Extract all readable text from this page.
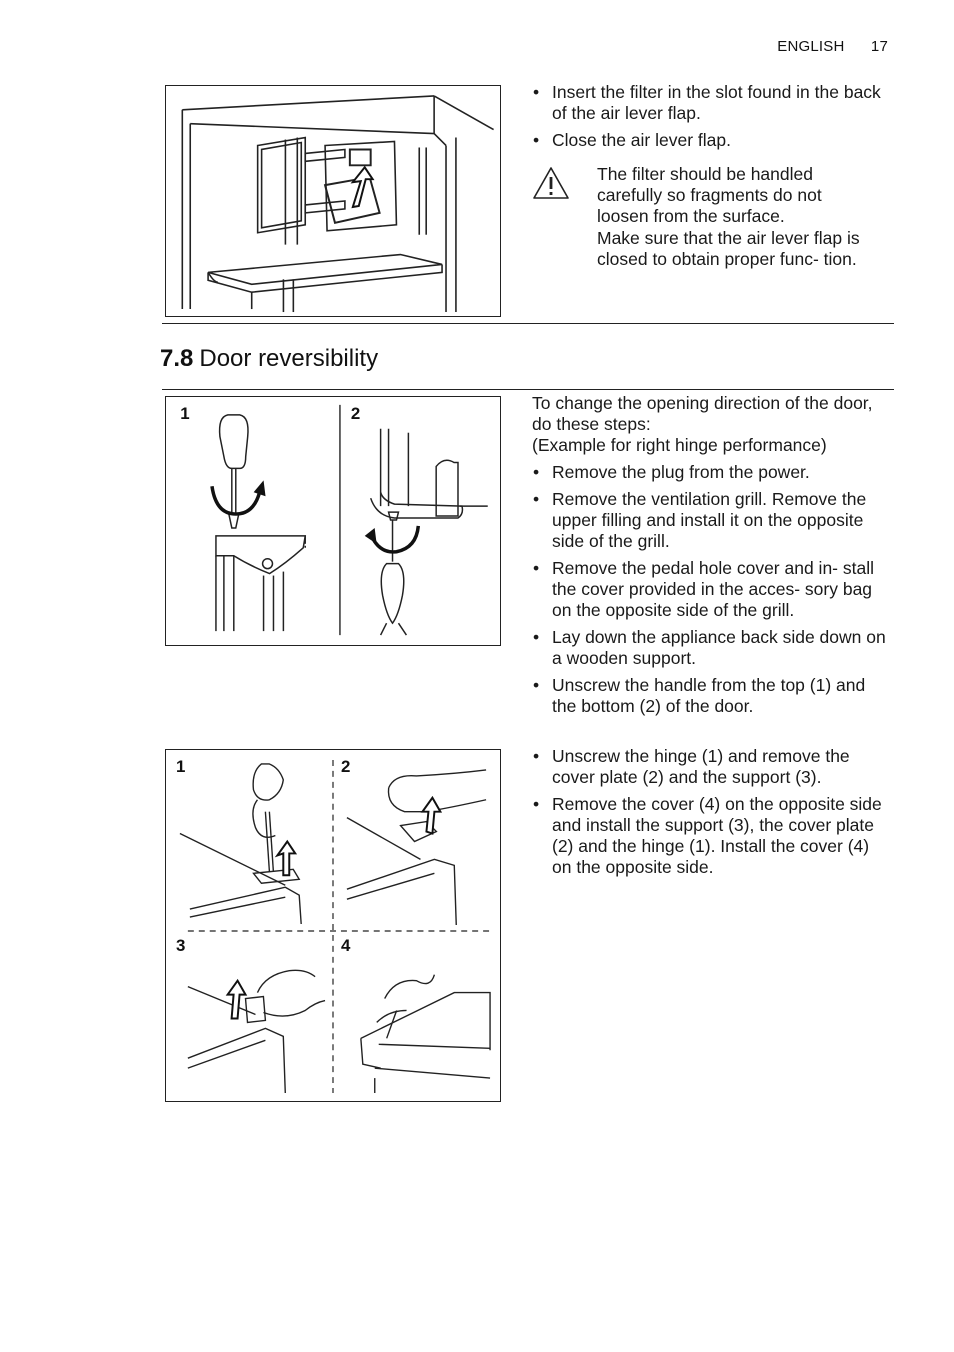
ENGLISH 17
• Insert the filter in the slot found in the back of the air lever flap.
• Close the air lever flap.
The filter should be handled carefully so fragments do not loosen from the surface.
Make sure that the air lever flap is closed to obtain proper func- tion.
7.8 Door reversibility
1	2
To change the opening direction of the door, do these steps:
(Example for right hinge performance)
• Remove the plug from the power.
• Remove the ventilation grill. Remove the upper filling and install it on the opposite side of the grill.
• Remove the pedal hole cover and in- stall the cover provided in the acces- sory bag on the opposite side of the grill.
• Lay down the appliance back side down on a wooden support.
• Unscrew the handle from the top (1) and the bottom (2) of the door.
1	2
3	4
• Unscrew the hinge (1) and remove the cover plate (2) and the support (3).
• Remove the cover (4) on the opposite side and install the support (3), the cover plate (2) and the hinge (1). Install the cover (4) on the opposite side.
